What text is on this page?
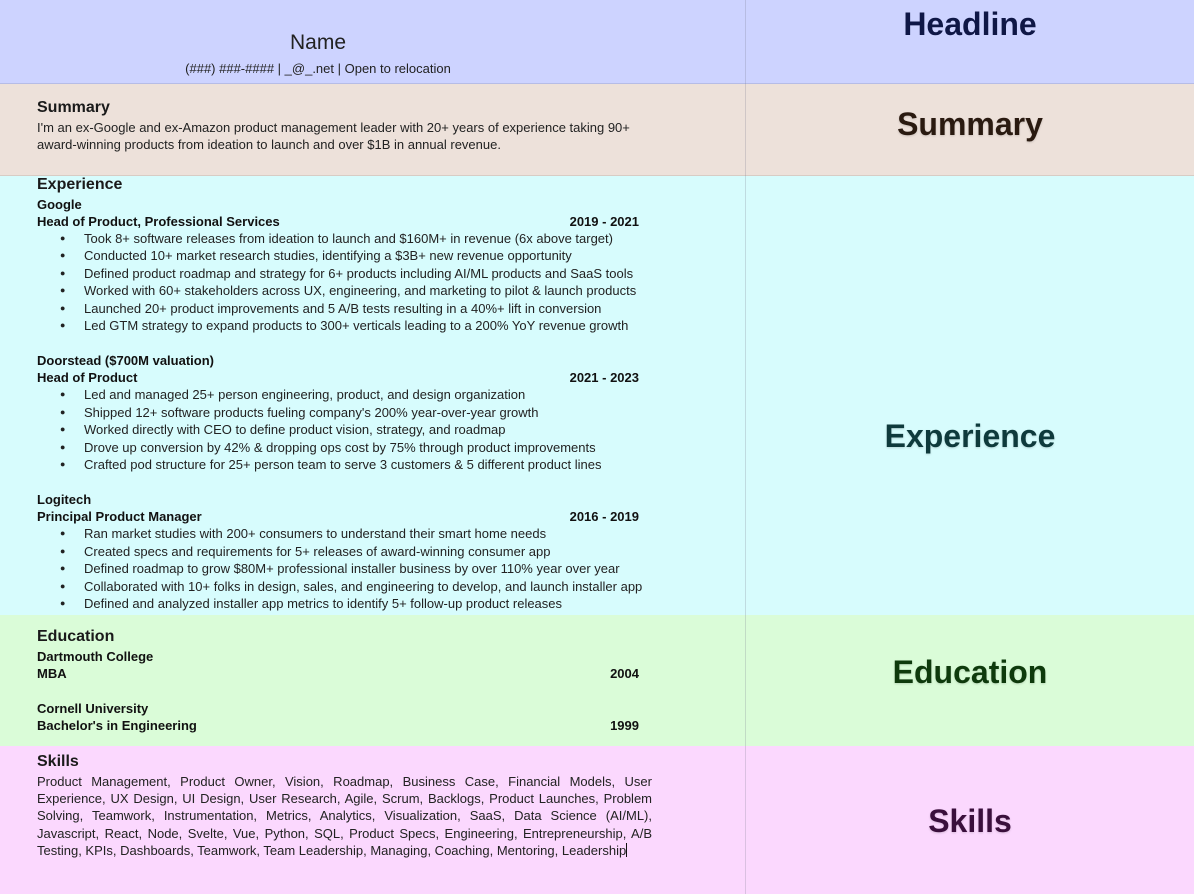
Name
(###) ###-#### | _@_.net | Open to relocation
Headline
Summary
I'm an ex-Google and ex-Amazon product management leader with 20+ years of experience taking 90+ award-winning products from ideation to launch and over $1B in annual revenue.
Summary
Experience
Google
Head of Product, Professional Services	2019 - 2021
● Took 8+ software releases from ideation to launch and $160M+ in revenue (6x above target)
● Conducted 10+ market research studies, identifying a $3B+ new revenue opportunity
● Defined product roadmap and strategy for 6+ products including AI/ML products and SaaS tools
● Worked with 60+ stakeholders across UX, engineering, and marketing to pilot & launch products
● Launched 20+ product improvements and 5 A/B tests resulting in a 40%+ lift in conversion
● Led GTM strategy to expand products to 300+ verticals leading to a 200% YoY revenue growth
Doorstead ($700M valuation)
Head of Product	2021 - 2023
● Led and managed 25+ person engineering, product, and design organization
● Shipped 12+ software products fueling company's 200% year-over-year growth
● Worked directly with CEO to define product vision, strategy, and roadmap
● Drove up conversion by 42% & dropping ops cost by 75% through product improvements
● Crafted pod structure for 25+ person team to serve 3 customers & 5 different product lines
Logitech
Principal Product Manager	2016 - 2019
● Ran market studies with 200+ consumers to understand their smart home needs
● Created specs and requirements for 5+ releases of award-winning consumer app
● Defined roadmap to grow $80M+ professional installer business by over 110% year over year
● Collaborated with 10+ folks in design, sales, and engineering to develop, and launch installer app
● Defined and analyzed installer app metrics to identify 5+ follow-up product releases
Experience
Education
Dartmouth College
MBA	2004
Cornell University
Bachelor's in Engineering	1999
Education
Skills
Product Management, Product Owner, Vision, Roadmap, Business Case, Financial Models, User Experience, UX Design, UI Design, User Research, Agile, Scrum, Backlogs, Product Launches, Problem Solving, Teamwork, Instrumentation, Metrics, Analytics, Visualization, SaaS, Data Science (AI/ML), Javascript, React, Node, Svelte, Vue, Python, SQL, Product Specs, Engineering, Entrepreneurship, A/B Testing, KPIs, Dashboards, Teamwork, Team Leadership, Managing, Coaching, Mentoring, Leadership
Skills
